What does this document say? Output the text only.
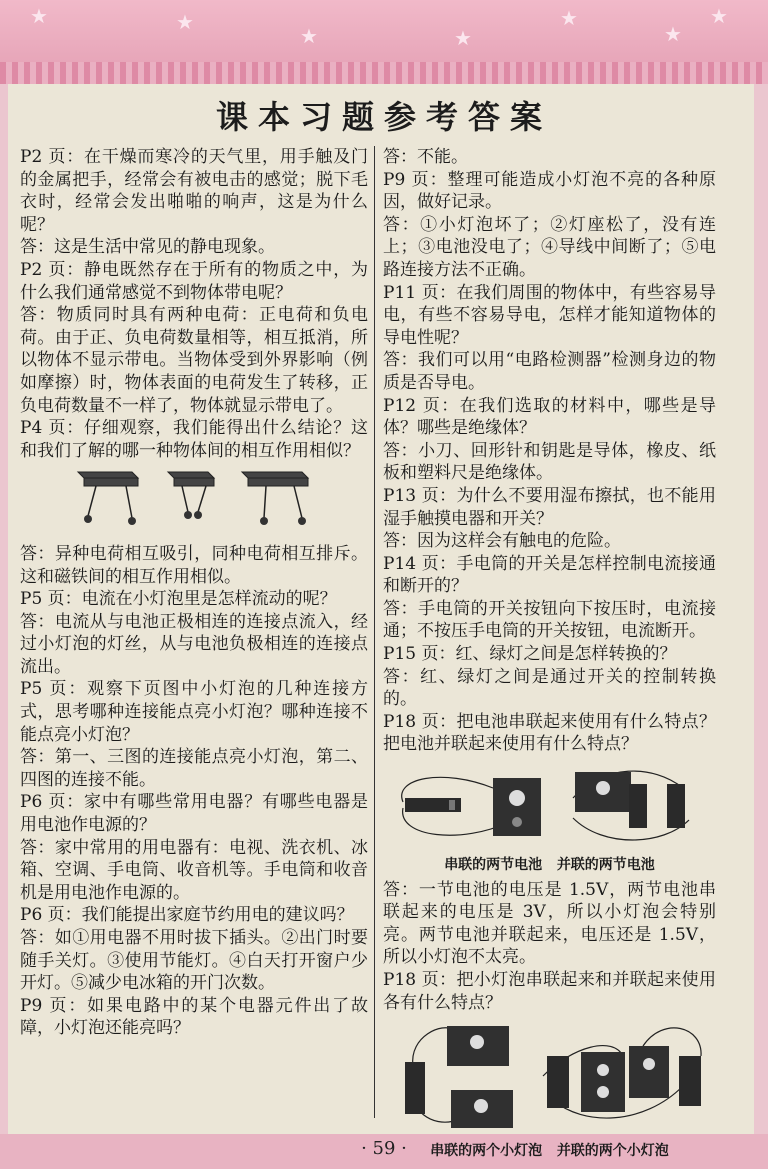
★	★
★	★
★
★
★
课本习题参考答案

P2 页：在干燥而寒冷的天气里，用手触及门的金属把手，经常会有被电击的感觉；脱下毛衣时，经常会发出啪啪的响声，这是为什么呢？

答：这是生活中常见的静电现象。

P2 页：静电既然存在于所有的物质之中，为什么我们通常感觉不到物体带电呢？

答：物质同时具有两种电荷：正电荷和负电荷。由于正、负电荷数量相等，相互抵消，所以物体不显示带电。当物体受到外界影响（例如摩擦）时，物体表面的电荷发生了转移，正负电荷数量不一样了，物体就显示带电了。

P4 页：仔细观察，我们能得出什么结论？这和我们了解的哪一种物体间的相互作用相似？

答：异种电荷相互吸引，同种电荷相互排斥。这和磁铁间的相互作用相似。

P5 页：电流在小灯泡里是怎样流动的呢？

答：电流从与电池正极相连的连接点流入，经过小灯泡的灯丝，从与电池负极相连的连接点流出。

P5 页：观察下页图中小灯泡的几种连接方式，思考哪种连接能点亮小灯泡？哪种连接不能点亮小灯泡？

答：第一、三图的连接能点亮小灯泡，第二、四图的连接不能。

P6 页：家中有哪些常用电器？有哪些电器是用电池作电源的？

答：家中常用的用电器有：电视、洗衣机、冰箱、空调、手电筒、收音机等。手电筒和收音机是用电池作电源的。

P6 页：我们能提出家庭节约用电的建议吗？

答：如①用电器不用时拔下插头。②出门时要随手关灯。③使用节能灯。④白天打开窗户少开灯。⑤减少电冰箱的开门次数。

P9 页：如果电路中的某个电器元件出了故障，小灯泡还能亮吗？

答：不能。

P9 页：整理可能造成小灯泡不亮的各种原因，做好记录。

答：①小灯泡坏了；②灯座松了，没有连上；③电池没电了；④导线中间断了；⑤电路连接方法不正确。

P11 页：在我们周围的物体中，有些容易导电，有些不容易导电，怎样才能知道物体的导电性呢？

答：我们可以用“电路检测器”检测身边的物质是否导电。

P12 页：在我们选取的材料中，哪些是导体？哪些是绝缘体？

答：小刀、回形针和钥匙是导体，橡皮、纸板和塑料尺是绝缘体。

P13 页：为什么不要用湿布擦拭，也不能用湿手触摸电器和开关？

答：因为这样会有触电的危险。

P14 页：手电筒的开关是怎样控制电流接通和断开的？

答：手电筒的开关按钮向下按压时，电流接通；不按压手电筒的开关按钮，电流断开。

P15 页：红、绿灯之间是怎样转换的？

答：红、绿灯之间是通过开关的控制转换的。

P18 页：把电池串联起来使用有什么特点？把电池并联起来使用有什么特点？

串联的两节电池 并联的两节电池

答：一节电池的电压是 1.5V，两节电池串联起来的电压是 3V，所以小灯泡会特别亮。两节电池并联起来，电压还是 1.5V，所以小灯泡不太亮。

P18 页：把小灯泡串联起来和并联起来使用各有什么特点？

串联的两个小灯泡 并联的两个小灯泡
· 59 ·
